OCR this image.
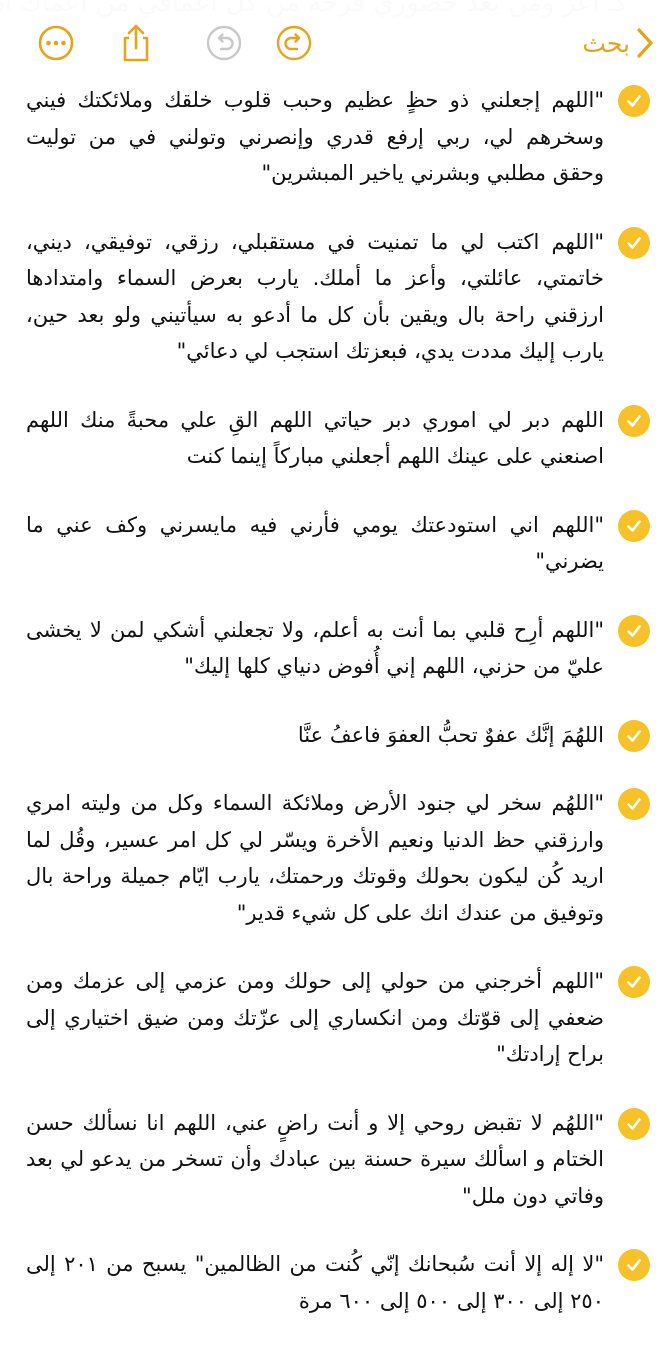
بحث
"اللهم إجعلني ذو حظٍ عظيم وحبب قلوب خلقك وملائكتك فيني وسخرهم لي، ربي إرفع قدري وإنصرني وتولني في من توليت وحقق مطلبي وبشرني ياخير المبشرين"
"اللهم اكتب لي ما تمنيت في مستقبلي، رزقي، توفيقي، ديني، خاتمتي، عائلتي، وأعز ما أملك. يارب بعرض السماء وامتدادها ارزقني راحة بال ويقين بأن كل ما أدعو به سيأتيني ولو بعد حين، يارب إليك مددت يدي، فبعزتك استجب لي دعائي"
اللهم دبر لي اموري دبر حياتي اللهم القِ علي محبةً منك اللهم اصنعني على عينك اللهم أجعلني مباركاً إينما كنت
"اللهم اني استودعتك يومي فأرني فيه مايسرني وكف عني ما يضرني"
"اللهم أرِح قلبي بما أنت به أعلم، ولا تجعلني أشكي لمن لا يخشى عليّ من حزني، اللهم إني أُفوض دنياي كلها إليك"
اللهُمَ إنَّك عفوٌ تحبُّ العفوَ فاعفُ عنَّا
"اللهُم سخر لي جنود الأرض وملائكة السماء وكل من وليته امري وارزقني حظ الدنيا ونعيم الأخرة ويسّر لي كل امر عسير، وقُل لما اريد كُن ليكون بحولك وقوتك ورحمتك، يارب ايّام جميلة وراحة بال وتوفيق من عندك انك على كل شيء قدير"
"اللهم أخرجني من حولي إلى حولك ومن عزمي إلى عزمك ومن ضعفي إلى قوّتك ومن انكساري إلى عزّتك ومن ضيق اختياري إلى براح إرادتك"
"اللهُم لا تقبض روحي إلا و أنت راضٍ عني، اللهم انا نسألك حسن الختام و اسألك سيرة حسنة بين عبادك وأن تسخر من يدعو لي بعد وفاتي دون ملل"
"لا إله إلا أنت سُبحانك إنّي كُنت من الظالمين" يسبح من ٢٠١ إلى ٢٥٠ إلى ٣٠٠ إلى ٥٠٠ إلى ٦٠٠ مرة
